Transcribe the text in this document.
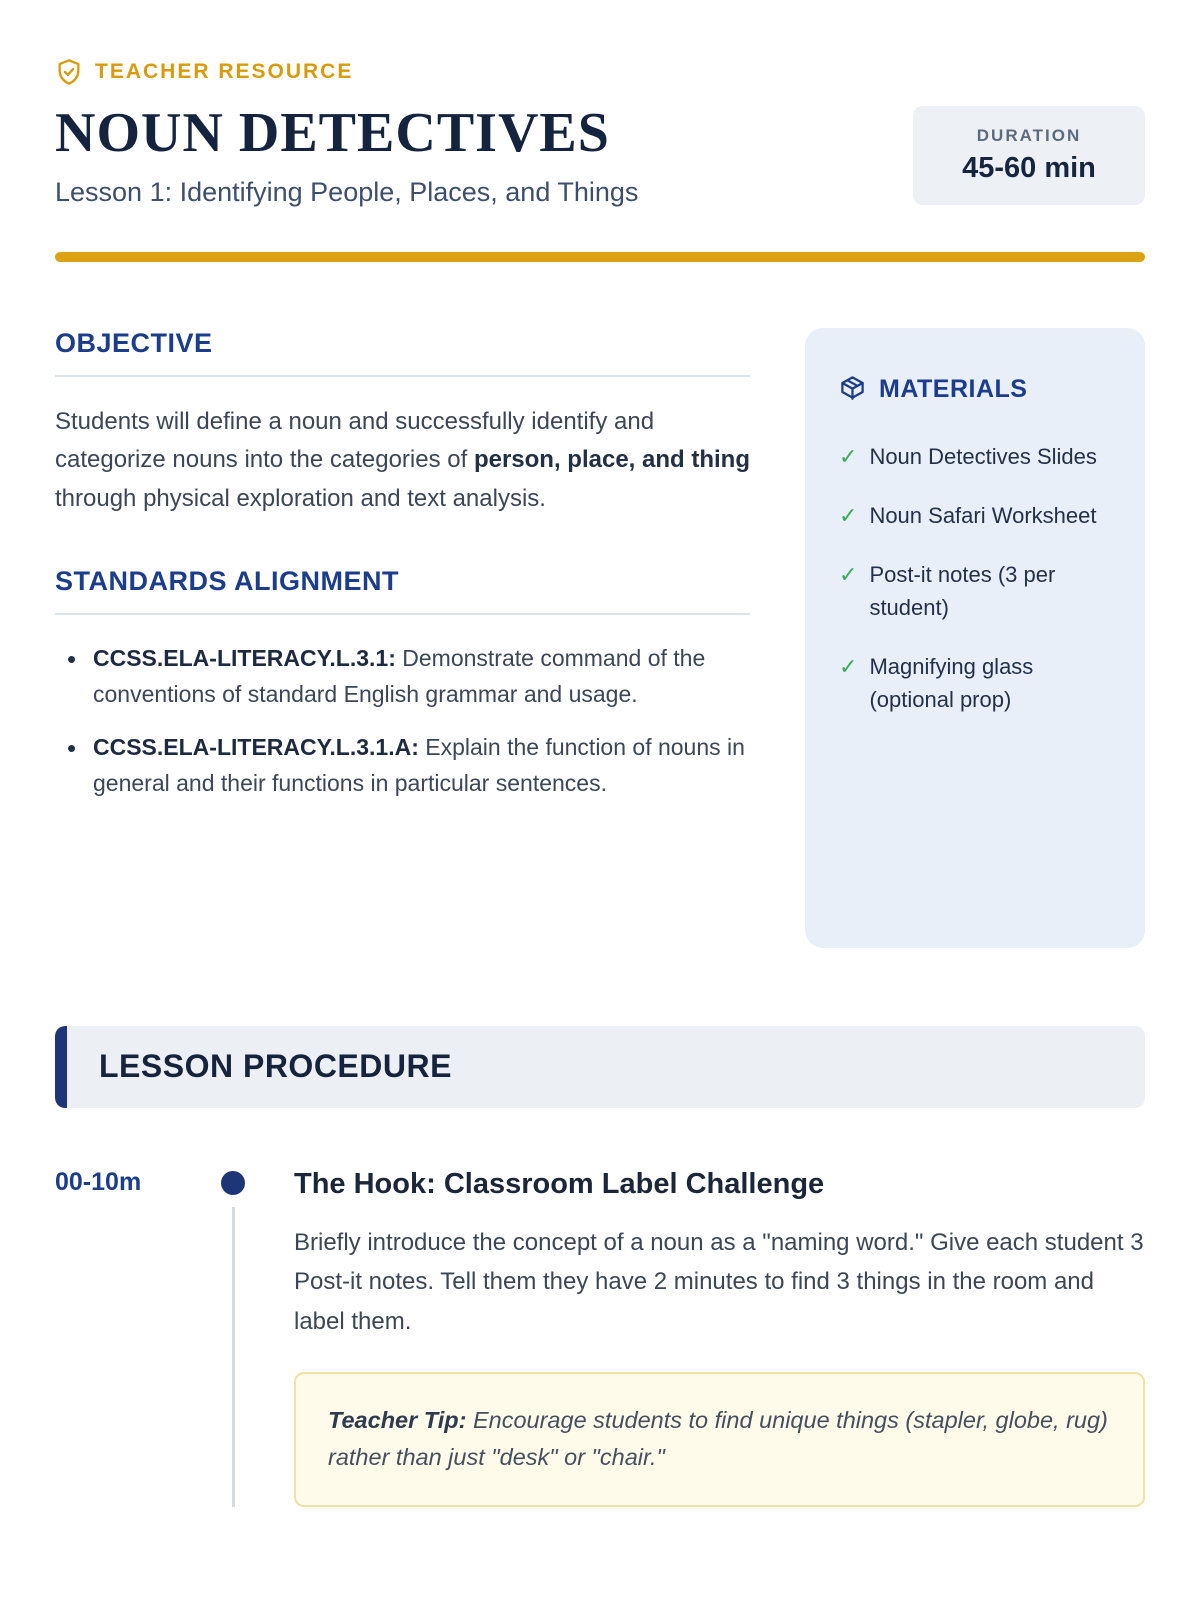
TEACHER RESOURCE
NOUN DETECTIVES

Lesson 1: Identifying People, Places, and Things

DURATION
45-60 min
OBJECTIVE

Students will define a noun and successfully identify and categorize nouns into the categories of person, place, and thing through physical exploration and text analysis.

STANDARDS ALIGNMENT
• CCSS.ELA-LITERACY.L.3.1: Demonstrate command of the conventions of standard English grammar and usage.
• CCSS.ELA-LITERACY.L.3.1.A: Explain the function of nouns in general and their functions in particular sentences.
MATERIALS
✓ Noun Detectives Slides
✓ Noun Safari Worksheet
✓ Post-it notes (3 per student)
✓ Magnifying glass (optional prop)
LESSON PROCEDURE
00-10m	The Hook: Classroom Label Challenge

Briefly introduce the concept of a noun as a "naming word." Give each student 3 Post-it notes. Tell them they have 2 minutes to find 3 things in the room and label them.

Teacher Tip: Encourage students to find unique things (stapler, globe, rug) rather than just "desk" or "chair."
